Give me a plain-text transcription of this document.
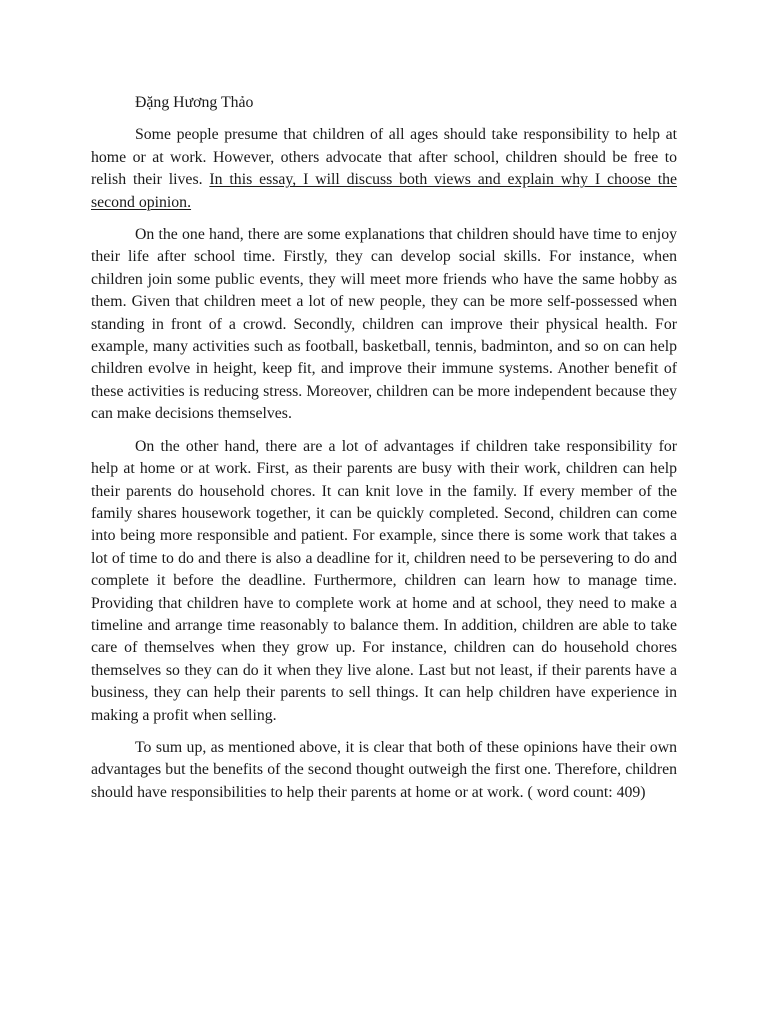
Đặng Hương Thảo

Some people presume that children of all ages should take responsibility to help at home or at work. However, others advocate that after school, children should be free to relish their lives. In this essay, I will discuss both views and explain why I choose the second opinion.

On the one hand, there are some explanations that children should have time to enjoy their life after school time. Firstly, they can develop social skills. For instance, when children join some public events, they will meet more friends who have the same hobby as them. Given that children meet a lot of new people, they can be more self-possessed when standing in front of a crowd. Secondly, children can improve their physical health. For example, many activities such as football, basketball, tennis, badminton, and so on can help children evolve in height, keep fit, and improve their immune systems. Another benefit of these activities is reducing stress. Moreover, children can be more independent because they can make decisions themselves.

On the other hand, there are a lot of advantages if children take responsibility for help at home or at work. First, as their parents are busy with their work, children can help their parents do household chores. It can knit love in the family. If every member of the family shares housework together, it can be quickly completed. Second, children can come into being more responsible and patient. For example, since there is some work that takes a lot of time to do and there is also a deadline for it, children need to be persevering to do and complete it before the deadline. Furthermore, children can learn how to manage time. Providing that children have to complete work at home and at school, they need to make a timeline and arrange time reasonably to balance them. In addition, children are able to take care of themselves when they grow up. For instance, children can do household chores themselves so they can do it when they live alone. Last but not least, if their parents have a business, they can help their parents to sell things. It can help children have experience in making a profit when selling.

To sum up, as mentioned above, it is clear that both of these opinions have their own advantages but the benefits of the second thought outweigh the first one. Therefore, children should have responsibilities to help their parents at home or at work. ( word count: 409)
